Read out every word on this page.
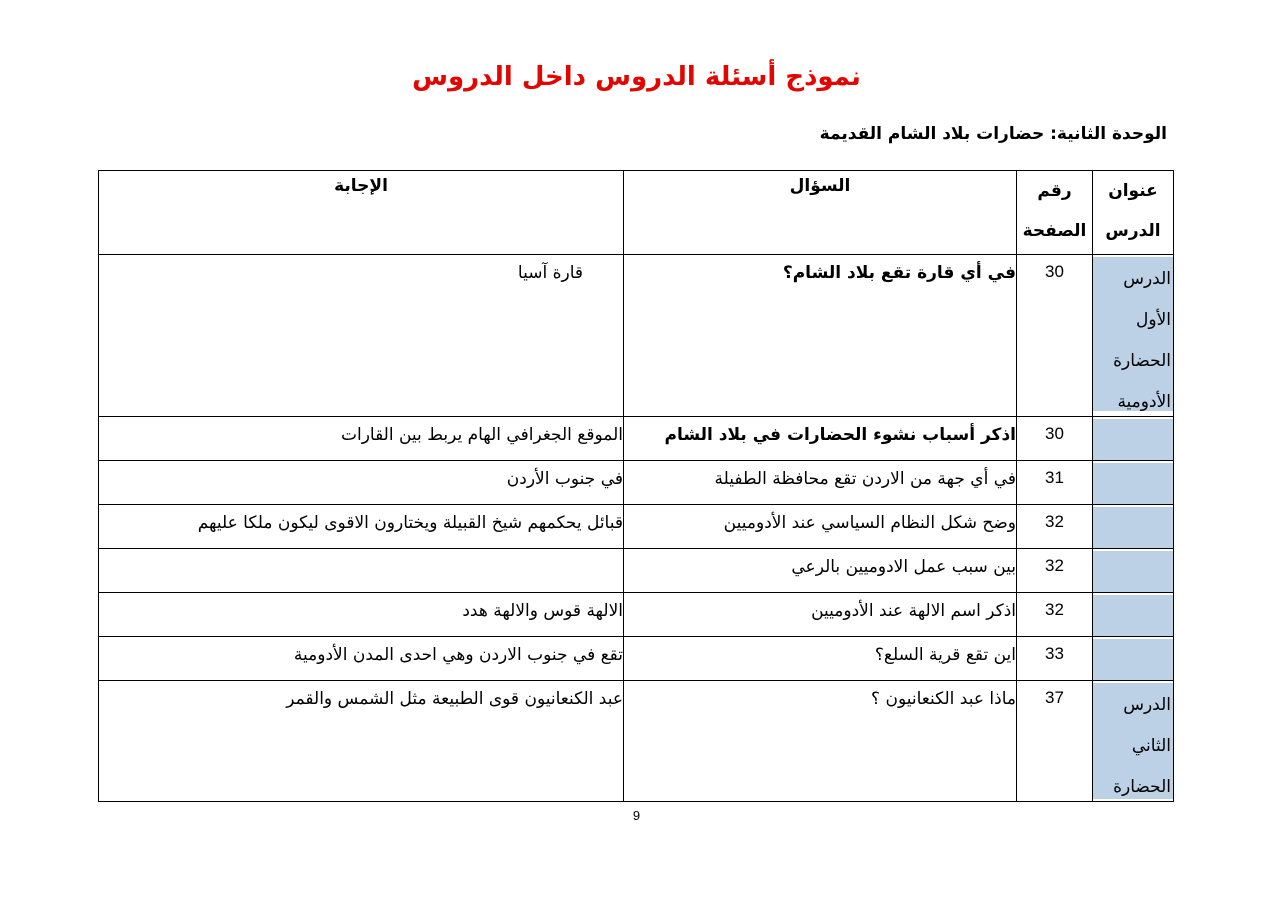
نموذج أسئلة الدروس داخل الدروس
الوحدة الثانية: حضارات بلاد الشام القديمة
عنوان الدرس	رقم الصفحة	السؤال	الإجابة

الدرس الأول الحضارة الأدومية	30	في أي قارة تقع بلاد الشام؟	قارة آسيا

	30	اذكر أسباب نشوء الحضارات في بلاد الشام	الموقع الجغرافي الهام يربط بين القارات

	31	في أي جهة من الاردن تقع محافظة الطفيلة	في جنوب الأردن

	32	وضح شكل النظام السياسي عند الأدوميين	قبائل يحكمهم شيخ القبيلة ويختارون الاقوى ليكون ملكا عليهم

	32	بين سبب عمل الادوميين بالرعي	

	32	اذكر اسم الالهة عند الأدوميين	الالهة قوس والالهة هدد

	33	اين تقع قرية السلع؟	تقع في جنوب الاردن وهي احدى المدن الأدومية

الدرس الثاني الحضارة	37	ماذا عبد الكنعانيون ؟	عبد الكنعانيون قوى الطبيعة مثل الشمس والقمر
9
